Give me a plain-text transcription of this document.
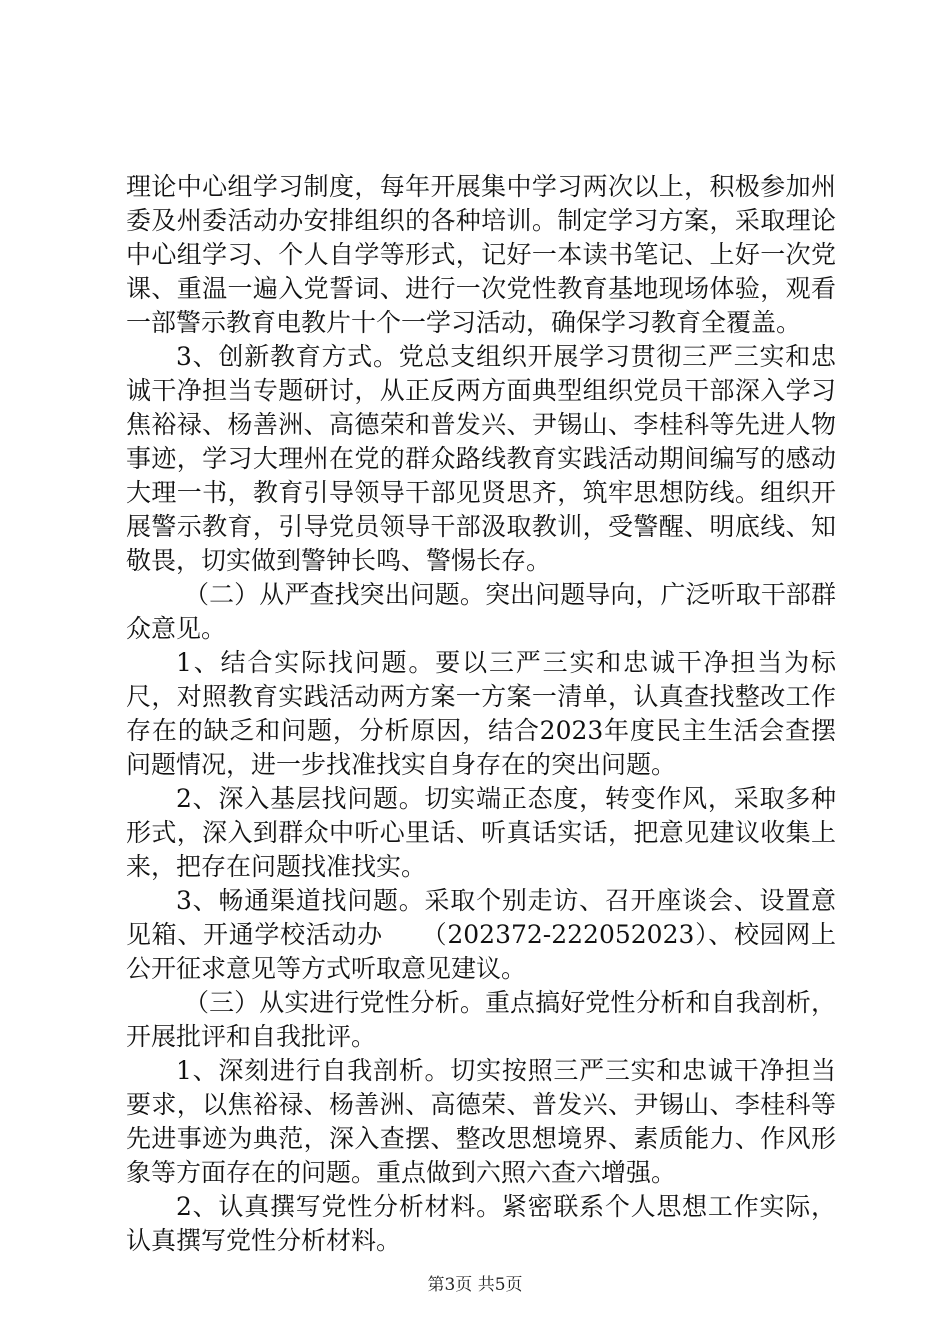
理论中心组学习制度，每年开展集中学习两次以上，积极参加州委及州委活动办安排组织的各种培训。制定学习方案，采取理论中心组学习、个人自学等形式，记好一本读书笔记、上好一次党课、重温一遍入党誓词、进行一次党性教育基地现场体验，观看一部警示教育电教片十个一学习活动，确保学习教育全覆盖。

3、创新教育方式。党总支组织开展学习贯彻三严三实和忠诚干净担当专题研讨，从正反两方面典型组织党员干部深入学习焦裕禄、杨善洲、高德荣和普发兴、尹锡山、李桂科等先进人物事迹，学习大理州在党的群众路线教育实践活动期间编写的感动大理一书，教育引导领导干部见贤思齐，筑牢思想防线。组织开展警示教育，引导党员领导干部汲取教训，受警醒、明底线、知敬畏，切实做到警钟长鸣、警惕长存。

（二）从严查找突出问题。突出问题导向，广泛听取干部群众意见。

1、结合实际找问题。要以三严三实和忠诚干净担当为标尺，对照教育实践活动两方案一方案一清单，认真查找整改工作存在的缺乏和问题，分析原因，结合2023年度民主生活会查摆问题情况，进一步找准找实自身存在的突出问题。

2、深入基层找问题。切实端正态度，转变作风，采取多种形式，深入到群众中听心里话、听真话实话，把意见建议收集上来，把存在问题找准找实。

3、畅通渠道找问题。采取个别走访、召开座谈会、设置意见箱、开通学校活动办　　（202372-222052023）、校园网上公开征求意见等方式听取意见建议。

（三）从实进行党性分析。重点搞好党性分析和自我剖析，开展批评和自我批评。

1、深刻进行自我剖析。切实按照三严三实和忠诚干净担当要求，以焦裕禄、杨善洲、高德荣、普发兴、尹锡山、李桂科等先进事迹为典范，深入查摆、整改思想境界、素质能力、作风形象等方面存在的问题。重点做到六照六查六增强。

2、认真撰写党性分析材料。紧密联系个人思想工作实际，认真撰写党性分析材料。

第3页 共5页
